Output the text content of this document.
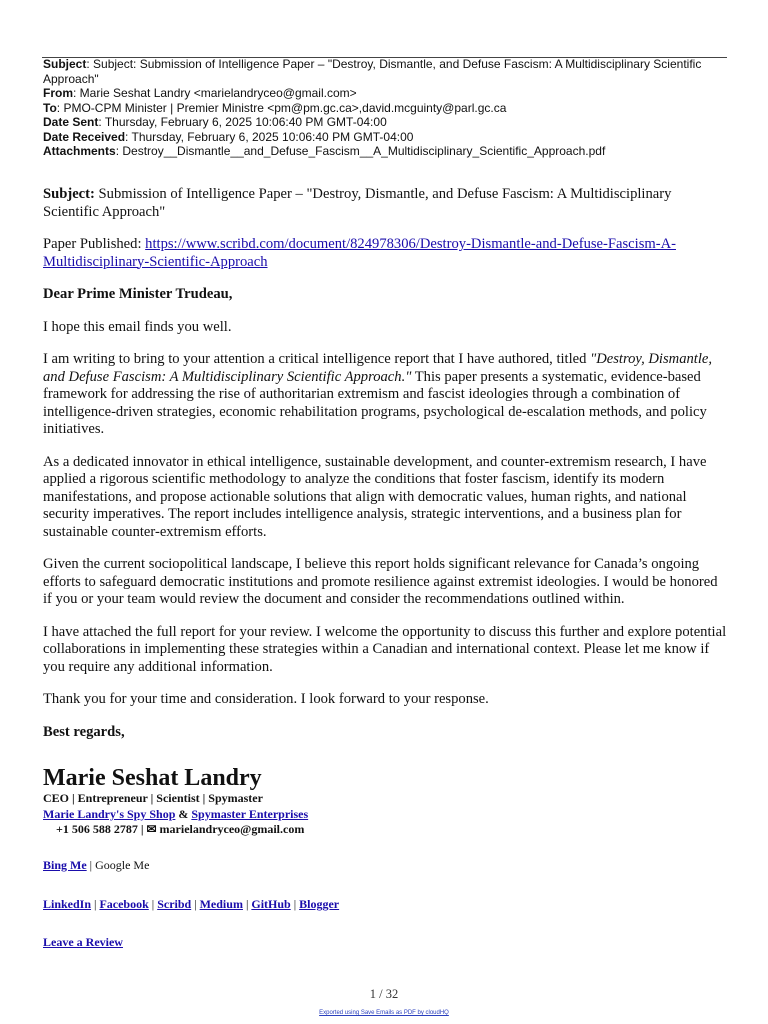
Subject: Subject: Submission of Intelligence Paper – "Destroy, Dismantle, and Defuse Fascism: A Multidisciplinary Scientific Approach"
From: Marie Seshat Landry <marielandryceo@gmail.com>
To: PMO-CPM Minister | Premier Ministre <pm@pm.gc.ca>,david.mcguinty@parl.gc.ca
Date Sent: Thursday, February 6, 2025 10:06:40 PM GMT-04:00
Date Received: Thursday, February 6, 2025 10:06:40 PM GMT-04:00
Attachments: Destroy__Dismantle__and_Defuse_Fascism__A_Multidisciplinary_Scientific_Approach.pdf

Subject: Submission of Intelligence Paper – "Destroy, Dismantle, and Defuse Fascism: A Multidisciplinary Scientific Approach"

Paper Published: https://www.scribd.com/document/824978306/Destroy-Dismantle-and-Defuse-Fascism-A-Multidisciplinary-Scientific-Approach

Dear Prime Minister Trudeau,

I hope this email finds you well.

I am writing to bring to your attention a critical intelligence report that I have authored, titled "Destroy, Dismantle, and Defuse Fascism: A Multidisciplinary Scientific Approach." This paper presents a systematic, evidence-based framework for addressing the rise of authoritarian extremism and fascist ideologies through a combination of intelligence-driven strategies, economic rehabilitation programs, psychological de-escalation methods, and policy initiatives.

As a dedicated innovator in ethical intelligence, sustainable development, and counter-extremism research, I have applied a rigorous scientific methodology to analyze the conditions that foster fascism, identify its modern manifestations, and propose actionable solutions that align with democratic values, human rights, and national security imperatives. The report includes intelligence analysis, strategic interventions, and a business plan for sustainable counter-extremism efforts.

Given the current sociopolitical landscape, I believe this report holds significant relevance for Canada’s ongoing efforts to safeguard democratic institutions and promote resilience against extremist ideologies. I would be honored if you or your team would review the document and consider the recommendations outlined within.

I have attached the full report for your review. I welcome the opportunity to discuss this further and explore potential collaborations in implementing these strategies within a Canadian and international context. Please let me know if you require any additional information.

Thank you for your time and consideration. I look forward to your response.

Best regards,

Marie Seshat Landry
CEO | Entrepreneur | Scientist | Spymaster
Marie Landry's Spy Shop & Spymaster Enterprises
+1 506 588 2787 | ✉ marielandryceo@gmail.com

Bing Me | Google Me

LinkedIn | Facebook | Scribd | Medium | GitHub | Blogger

Leave a Review

1 / 32
Exported using Save Emails as PDF by cloudHQ
